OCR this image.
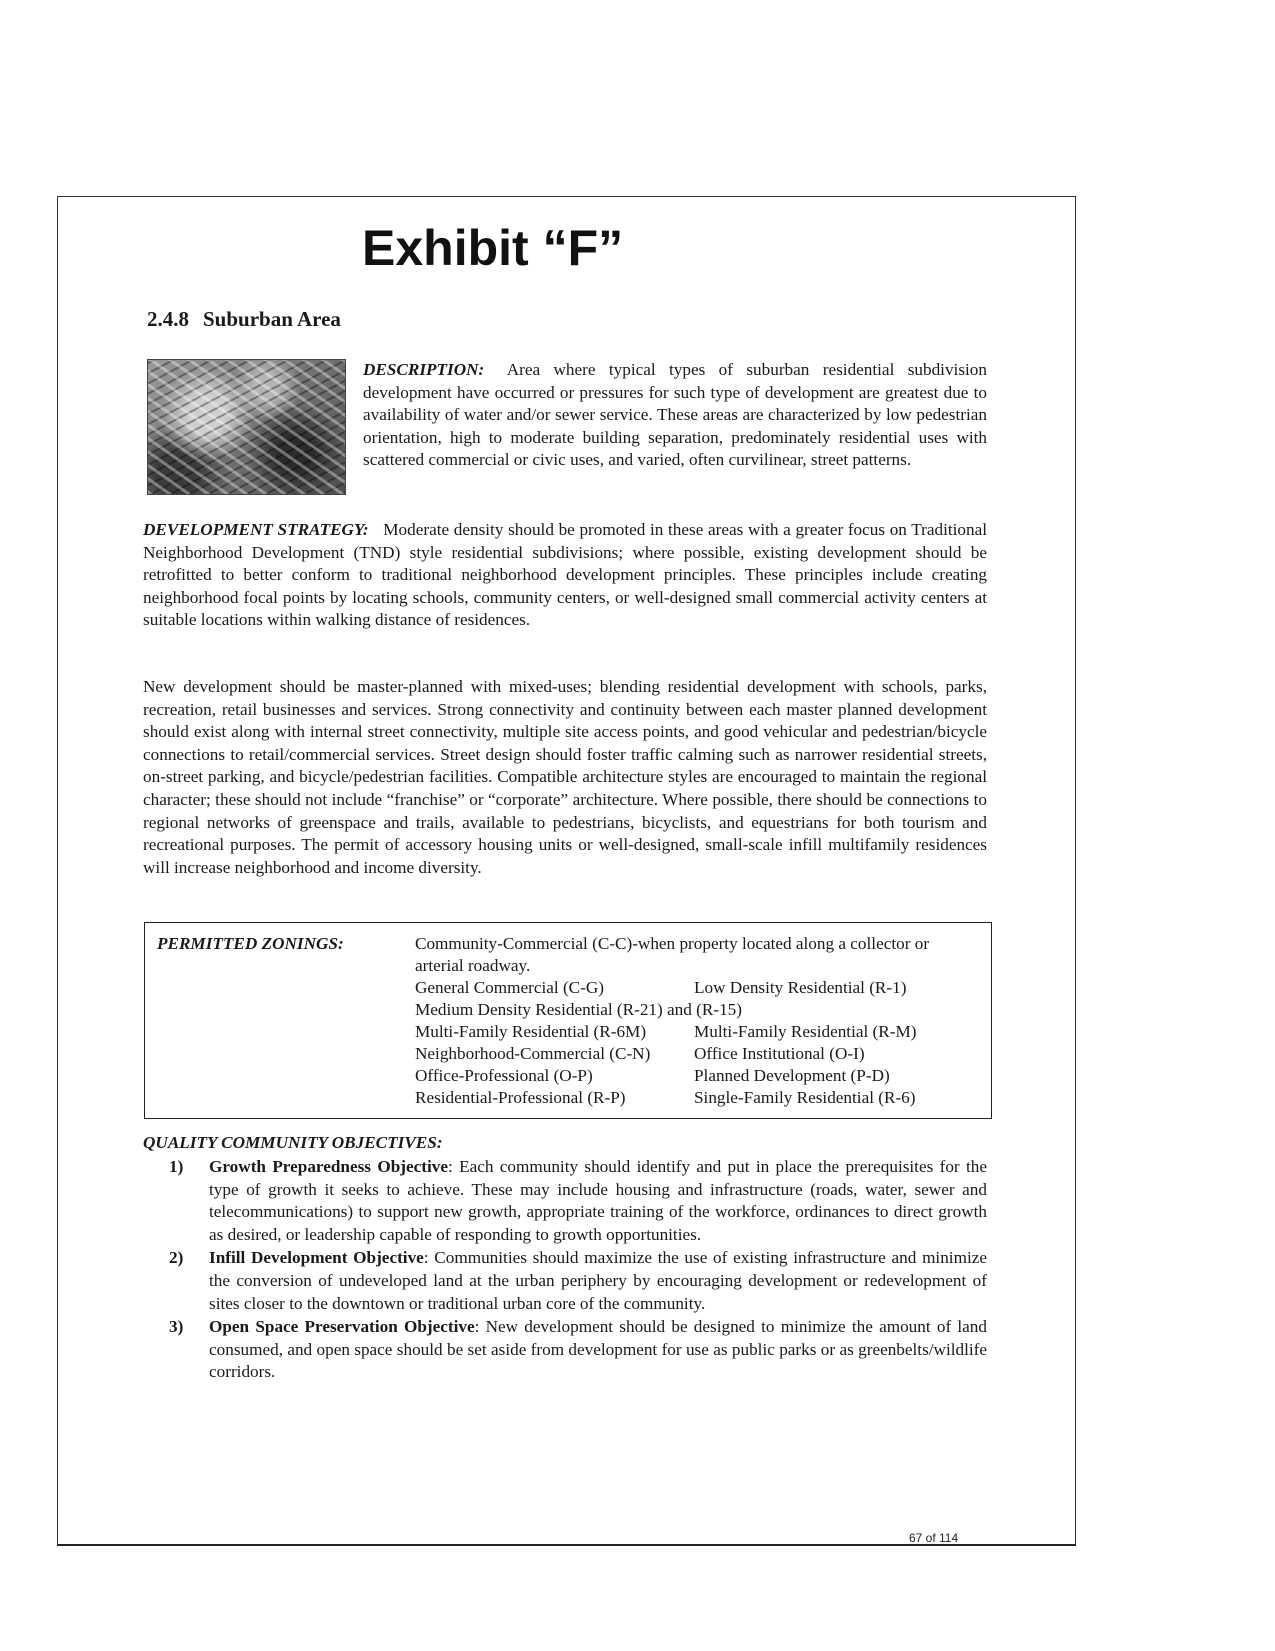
Exhibit “F”
2.4.8 Suburban Area

DESCRIPTION: Area where typical types of suburban residential subdivision development have occurred or pressures for such type of development are greatest due to availability of water and/or sewer service. These areas are characterized by low pedestrian orientation, high to moderate building separation, predominately residential uses with scattered commercial or civic uses, and varied, often curvilinear, street patterns.

DEVELOPMENT STRATEGY: Moderate density should be promoted in these areas with a greater focus on Traditional Neighborhood Development (TND) style residential subdivisions; where possible, existing development should be retrofitted to better conform to traditional neighborhood development principles. These principles include creating neighborhood focal points by locating schools, community centers, or well-designed small commercial activity centers at suitable locations within walking distance of residences.

New development should be master-planned with mixed-uses; blending residential development with schools, parks, recreation, retail businesses and services. Strong connectivity and continuity between each master planned development should exist along with internal street connectivity, multiple site access points, and good vehicular and pedestrian/bicycle connections to retail/commercial services. Street design should foster traffic calming such as narrower residential streets, on-street parking, and bicycle/pedestrian facilities. Compatible architecture styles are encouraged to maintain the regional character; these should not include “franchise” or “corporate” architecture. Where possible, there should be connections to regional networks of greenspace and trails, available to pedestrians, bicyclists, and equestrians for both tourism and recreational purposes. The permit of accessory housing units or well-designed, small-scale infill multifamily residences will increase neighborhood and income diversity.

PERMITTED ZONINGS:	Community-Commercial (C-C)-when property located along a collector or arterial roadway.

General Commercial (C-G)	Low Density Residential (R-1)
Medium Density Residential (R-21) and (R-15)
Multi-Family Residential (R-6M)	Multi-Family Residential (R-M)
Neighborhood-Commercial (C-N)	Office Institutional (O-I)
Office-Professional (O-P)	Planned Development (P-D)
Residential-Professional (R-P)	Single-Family Residential (R-6)

QUALITY COMMUNITY OBJECTIVES:

1) Growth Preparedness Objective: Each community should identify and put in place the prerequisites for the type of growth it seeks to achieve. These may include housing and infrastructure (roads, water, sewer and telecommunications) to support new growth, appropriate training of the workforce, ordinances to direct growth as desired, or leadership capable of responding to growth opportunities.

2) Infill Development Objective: Communities should maximize the use of existing infrastructure and minimize the conversion of undeveloped land at the urban periphery by encouraging development or redevelopment of sites closer to the downtown or traditional urban core of the community.

3) Open Space Preservation Objective: New development should be designed to minimize the amount of land consumed, and open space should be set aside from development for use as public parks or as greenbelts/wildlife corridors.

67 of 114
